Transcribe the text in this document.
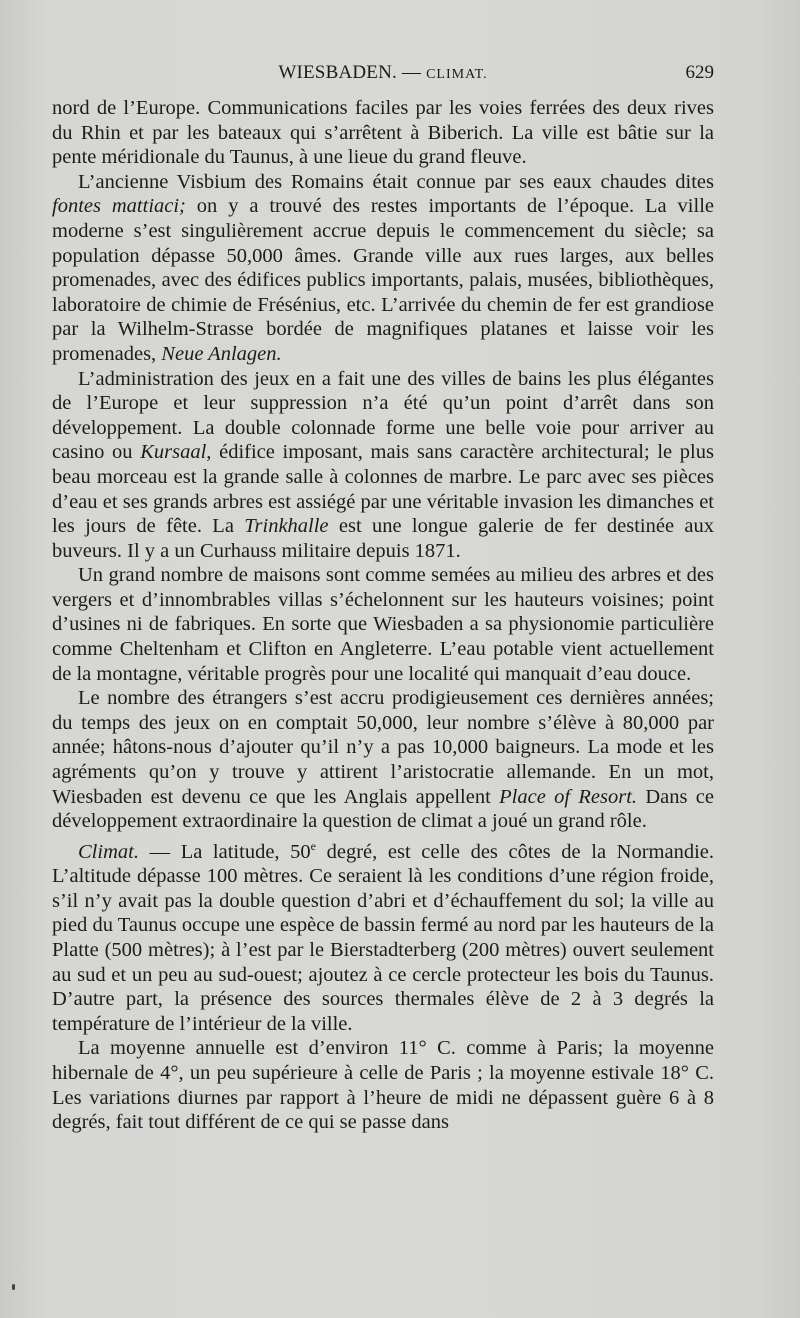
WIESBADEN. — CLIMAT.	629

nord de l’Europe. Communications faciles par les voies ferrées des deux rives du Rhin et par les bateaux qui s’arrêtent à Biberich. La ville est bâtie sur la pente méridionale du Taunus, à une lieue du grand fleuve.

L’ancienne Visbium des Romains était connue par ses eaux chaudes dites fontes mattiaci; on y a trouvé des restes importants de l’époque. La ville moderne s’est singulièrement accrue depuis le commencement du siècle; sa population dépasse 50,000 âmes. Grande ville aux rues larges, aux belles promenades, avec des édifices publics importants, palais, musées, bibliothèques, laboratoire de chimie de Frésénius, etc. L’arrivée du chemin de fer est grandiose par la Wilhelm-Strasse bordée de magnifiques platanes et laisse voir les promenades, Neue Anlagen.

L’administration des jeux en a fait une des villes de bains les plus élégantes de l’Europe et leur suppression n’a été qu’un point d’arrêt dans son développement. La double colonnade forme une belle voie pour arriver au casino ou Kursaal, édifice imposant, mais sans caractère architectural; le plus beau morceau est la grande salle à colonnes de marbre. Le parc avec ses pièces d’eau et ses grands arbres est assiégé par une véritable invasion les dimanches et les jours de fête. La Trinkhalle est une longue galerie de fer destinée aux buveurs. Il y a un Curhauss militaire depuis 1871.

Un grand nombre de maisons sont comme semées au milieu des arbres et des vergers et d’innombrables villas s’échelonnent sur les hauteurs voisines; point d’usines ni de fabriques. En sorte que Wiesbaden a sa physionomie particulière comme Cheltenham et Clifton en Angleterre. L’eau potable vient actuellement de la montagne, véritable progrès pour une localité qui manquait d’eau douce.

Le nombre des étrangers s’est accru prodigieusement ces dernières années; du temps des jeux on en comptait 50,000, leur nombre s’élève à 80,000 par année; hâtons-nous d’ajouter qu’il n’y a pas 10,000 baigneurs. La mode et les agréments qu’on y trouve y attirent l’aristocratie allemande. En un mot, Wiesbaden est devenu ce que les Anglais appellent Place of Resort. Dans ce développement extraordinaire la question de climat a joué un grand rôle.

Climat. — La latitude, 50e degré, est celle des côtes de la Normandie. L’altitude dépasse 100 mètres. Ce seraient là les conditions d’une région froide, s’il n’y avait pas la double question d’abri et d’échauffement du sol; la ville au pied du Taunus occupe une espèce de bassin fermé au nord par les hauteurs de la Platte (500 mètres); à l’est par le Bierstadterberg (200 mètres) ouvert seulement au sud et un peu au sud-ouest; ajoutez à ce cercle protecteur les bois du Taunus. D’autre part, la présence des sources thermales élève de 2 à 3 degrés la température de l’intérieur de la ville.

La moyenne annuelle est d’environ 11° C. comme à Paris; la moyenne hibernale de 4°, un peu supérieure à celle de Paris ; la moyenne estivale 18° C. Les variations diurnes par rapport à l’heure de midi ne dépassent guère 6 à 8 degrés, fait tout différent de ce qui se passe dans
